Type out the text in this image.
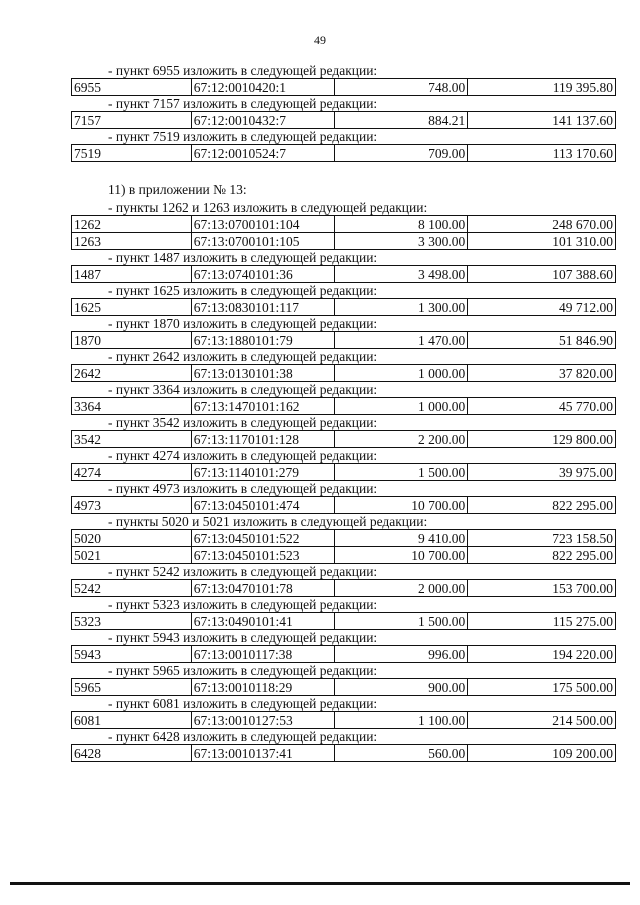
49
- пункт 6955 изложить в следующей редакции:
6955	67:12:0010420:1	748.00	119 395.80
- пункт 7157 изложить в следующей редакции:
7157	67:12:0010432:7	884.21	141 137.60
- пункт 7519 изложить в следующей редакции:
7519	67:12:0010524:7	709.00	113 170.60
11) в приложении № 13:
- пункты 1262 и 1263 изложить в следующей редакции:
1262	67:13:0700101:104	8 100.00	248 670.00
1263	67:13:0700101:105	3 300.00	101 310.00
- пункт 1487 изложить в следующей редакции:
1487	67:13:0740101:36	3 498.00	107 388.60
- пункт 1625 изложить в следующей редакции:
1625	67:13:0830101:117	1 300.00	49 712.00
- пункт 1870 изложить в следующей редакции:
1870	67:13:1880101:79	1 470.00	51 846.90
- пункт 2642 изложить в следующей редакции:
2642	67:13:0130101:38	1 000.00	37 820.00
- пункт 3364 изложить в следующей редакции:
3364	67:13:1470101:162	1 000.00	45 770.00
- пункт 3542 изложить в следующей редакции:
3542	67:13:1170101:128	2 200.00	129 800.00
- пункт 4274 изложить в следующей редакции:
4274	67:13:1140101:279	1 500.00	39 975.00
- пункт 4973 изложить в следующей редакции:
4973	67:13:0450101:474	10 700.00	822 295.00
- пункты 5020 и 5021 изложить в следующей редакции:
5020	67:13:0450101:522	9 410.00	723 158.50
5021	67:13:0450101:523	10 700.00	822 295.00
- пункт 5242 изложить в следующей редакции:
5242	67:13:0470101:78	2 000.00	153 700.00
- пункт 5323 изложить в следующей редакции:
5323	67:13:0490101:41	1 500.00	115 275.00
- пункт 5943 изложить в следующей редакции:
5943	67:13:0010117:38	996.00	194 220.00
- пункт 5965 изложить в следующей редакции:
5965	67:13:0010118:29	900.00	175 500.00
- пункт 6081 изложить в следующей редакции:
6081	67:13:0010127:53	1 100.00	214 500.00
- пункт 6428 изложить в следующей редакции:
6428	67:13:0010137:41	560.00	109 200.00
